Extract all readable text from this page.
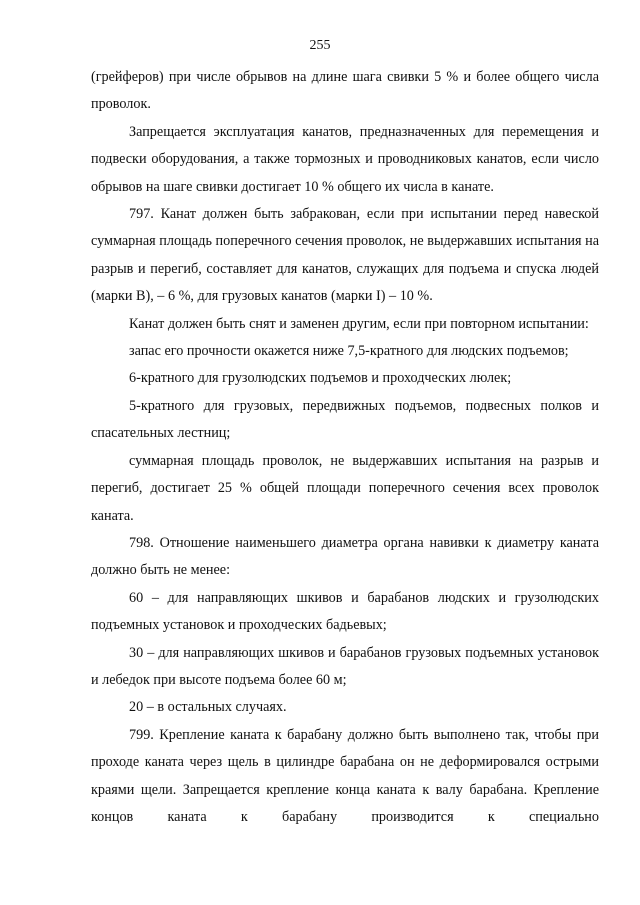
255

(грейферов) при числе обрывов на длине шага свивки 5 % и более общего числа проволок.

Запрещается эксплуатация канатов, предназначенных для перемещения и подвески оборудования, а также тормозных и проводниковых канатов, если число обрывов на шаге свивки достигает 10 % общего их числа в канате.

797. Канат должен быть забракован, если при испытании перед навеской суммарная площадь поперечного сечения проволок, не выдержавших испытания на разрыв и перегиб, составляет для канатов, служащих для подъема и спуска людей (марки В), – 6 %, для грузовых канатов (марки I) – 10 %.

Канат должен быть снят и заменен другим, если при повторном испытании:

запас его прочности окажется ниже 7,5-кратного для людских подъемов;

6-кратного для грузолюдских подъемов и проходческих люлек;

5-кратного для грузовых, передвижных подъемов, подвесных полков и спасательных лестниц;

суммарная площадь проволок, не выдержавших испытания на разрыв и перегиб, достигает 25 % общей площади поперечного сечения всех проволок каната.

798. Отношение наименьшего диаметра органа навивки к диаметру каната должно быть не менее:

60 – для направляющих шкивов и барабанов людских и грузолюдских подъемных установок и проходческих бадьевых;

30 – для направляющих шкивов и барабанов грузовых подъемных установок и лебедок при высоте подъема более 60 м;

20 – в остальных случаях.

799. Крепление каната к барабану должно быть выполнено так, чтобы при проходе каната через щель в цилиндре барабана он не деформировался острыми краями щели. Запрещается крепление конца каната к валу барабана. Крепление концов каната к барабану производится к специально
